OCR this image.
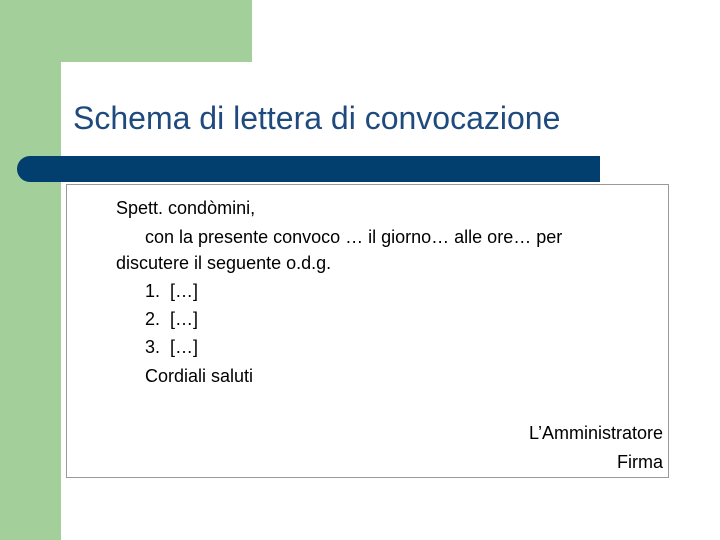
Schema di lettera di convocazione
Spett. condòmini,
con la presente convoco … il giorno… alle ore… per
discutere il seguente o.d.g.
1. […]
2. […]
3. […]
Cordiali saluti
L’Amministratore
Firma
